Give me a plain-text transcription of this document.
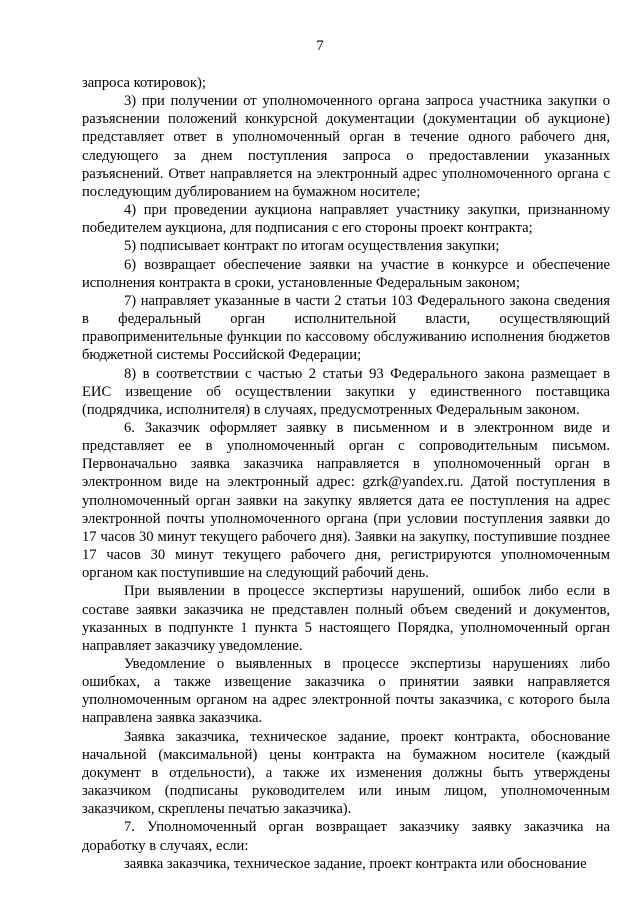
7

запроса котировок);

3) при получении от уполномоченного органа запроса участника закупки о разъяснении положений конкурсной документации (документации об аукционе) представляет ответ в уполномоченный орган в течение одного рабочего дня, следующего за днем поступления запроса о предоставлении указанных разъяснений. Ответ направляется на электронный адрес уполномоченного органа с последующим дублированием на бумажном носителе;

4) при проведении аукциона направляет участнику закупки, признанному победителем аукциона, для подписания с его стороны проект контракта;

5) подписывает контракт по итогам осуществления закупки;

6) возвращает обеспечение заявки на участие в конкурсе и обеспечение исполнения контракта в сроки, установленные Федеральным законом;

7) направляет указанные в части 2 статьи 103 Федерального закона сведения в федеральный орган исполнительной власти, осуществляющий правоприменительные функции по кассовому обслуживанию исполнения бюджетов бюджетной системы Российской Федерации;

8) в соответствии с частью 2 статьи 93 Федерального закона размещает в ЕИС извещение об осуществлении закупки у единственного поставщика (подрядчика, исполнителя) в случаях, предусмотренных Федеральным законом.

6. Заказчик оформляет заявку в письменном и в электронном виде и представляет ее в уполномоченный орган с сопроводительным письмом. Первоначально заявка заказчика направляется в уполномоченный орган в электронном виде на электронный адрес: gzrk@yandex.ru. Датой поступления в уполномоченный орган заявки на закупку является дата ее поступления на адрес электронной почты уполномоченного органа (при условии поступления заявки до 17 часов 30 минут текущего рабочего дня). Заявки на закупку, поступившие позднее 17 часов 30 минут текущего рабочего дня, регистрируются уполномоченным органом как поступившие на следующий рабочий день.

При выявлении в процессе экспертизы нарушений, ошибок либо если в составе заявки заказчика не представлен полный объем сведений и документов, указанных в подпункте 1 пункта 5 настоящего Порядка, уполномоченный орган направляет заказчику уведомление.

Уведомление о выявленных в процессе экспертизы нарушениях либо ошибках, а также извещение заказчика о принятии заявки направляется уполномоченным органом на адрес электронной почты заказчика, с которого была направлена заявка заказчика.

Заявка заказчика, техническое задание, проект контракта, обоснование начальной (максимальной) цены контракта на бумажном носителе (каждый документ в отдельности), а также их изменения должны быть утверждены заказчиком (подписаны руководителем или иным лицом, уполномоченным заказчиком, скреплены печатью заказчика).

7. Уполномоченный орган возвращает заказчику заявку заказчика на доработку в случаях, если:

заявка заказчика, техническое задание, проект контракта или обоснование
